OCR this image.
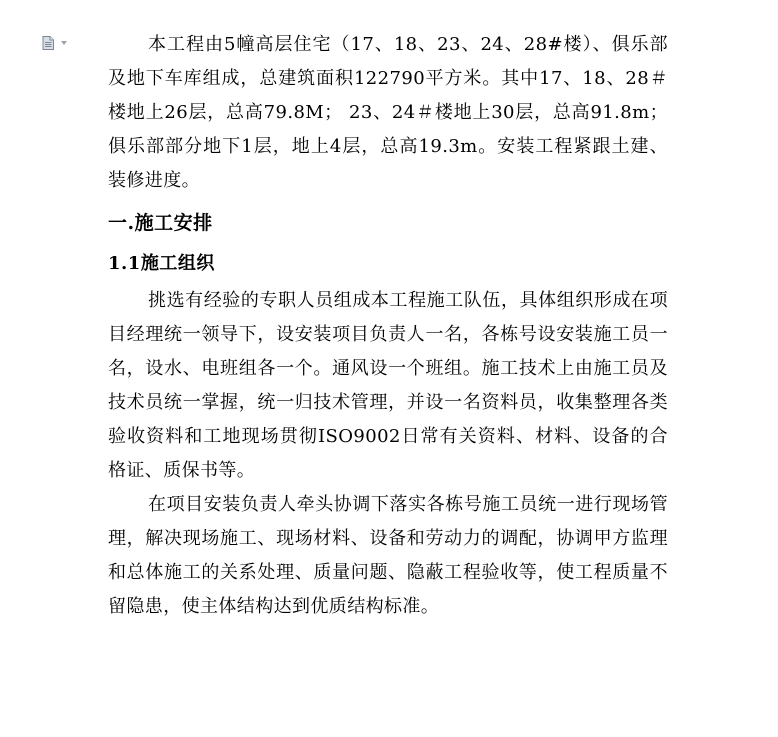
本工程由5幢高层住宅（17、18、23、24、28#楼）、俱乐部及地下车库组成，总建筑面积122790平方米。其中17、18、28＃楼地上26层，总高79.8M； 23、24＃楼地上30层，总高91.8m；俱乐部部分地下1层，地上4层，总高19.3m。安装工程紧跟土建、装修进度。

一.施工安排
1.1施工组织

挑选有经验的专职人员组成本工程施工队伍，具体组织形成在项目经理统一领导下，设安装项目负责人一名，各栋号设安装施工员一名，设水、电班组各一个。通风设一个班组。施工技术上由施工员及技术员统一掌握，统一归技术管理，并设一名资料员，收集整理各类验收资料和工地现场贯彻ISO9002日常有关资料、材料、设备的合格证、质保书等。

在项目安装负责人牵头协调下落实各栋号施工员统一进行现场管理，解决现场施工、现场材料、设备和劳动力的调配，协调甲方监理和总体施工的关系处理、质量问题、隐蔽工程验收等，使工程质量不留隐患，使主体结构达到优质结构标准。
